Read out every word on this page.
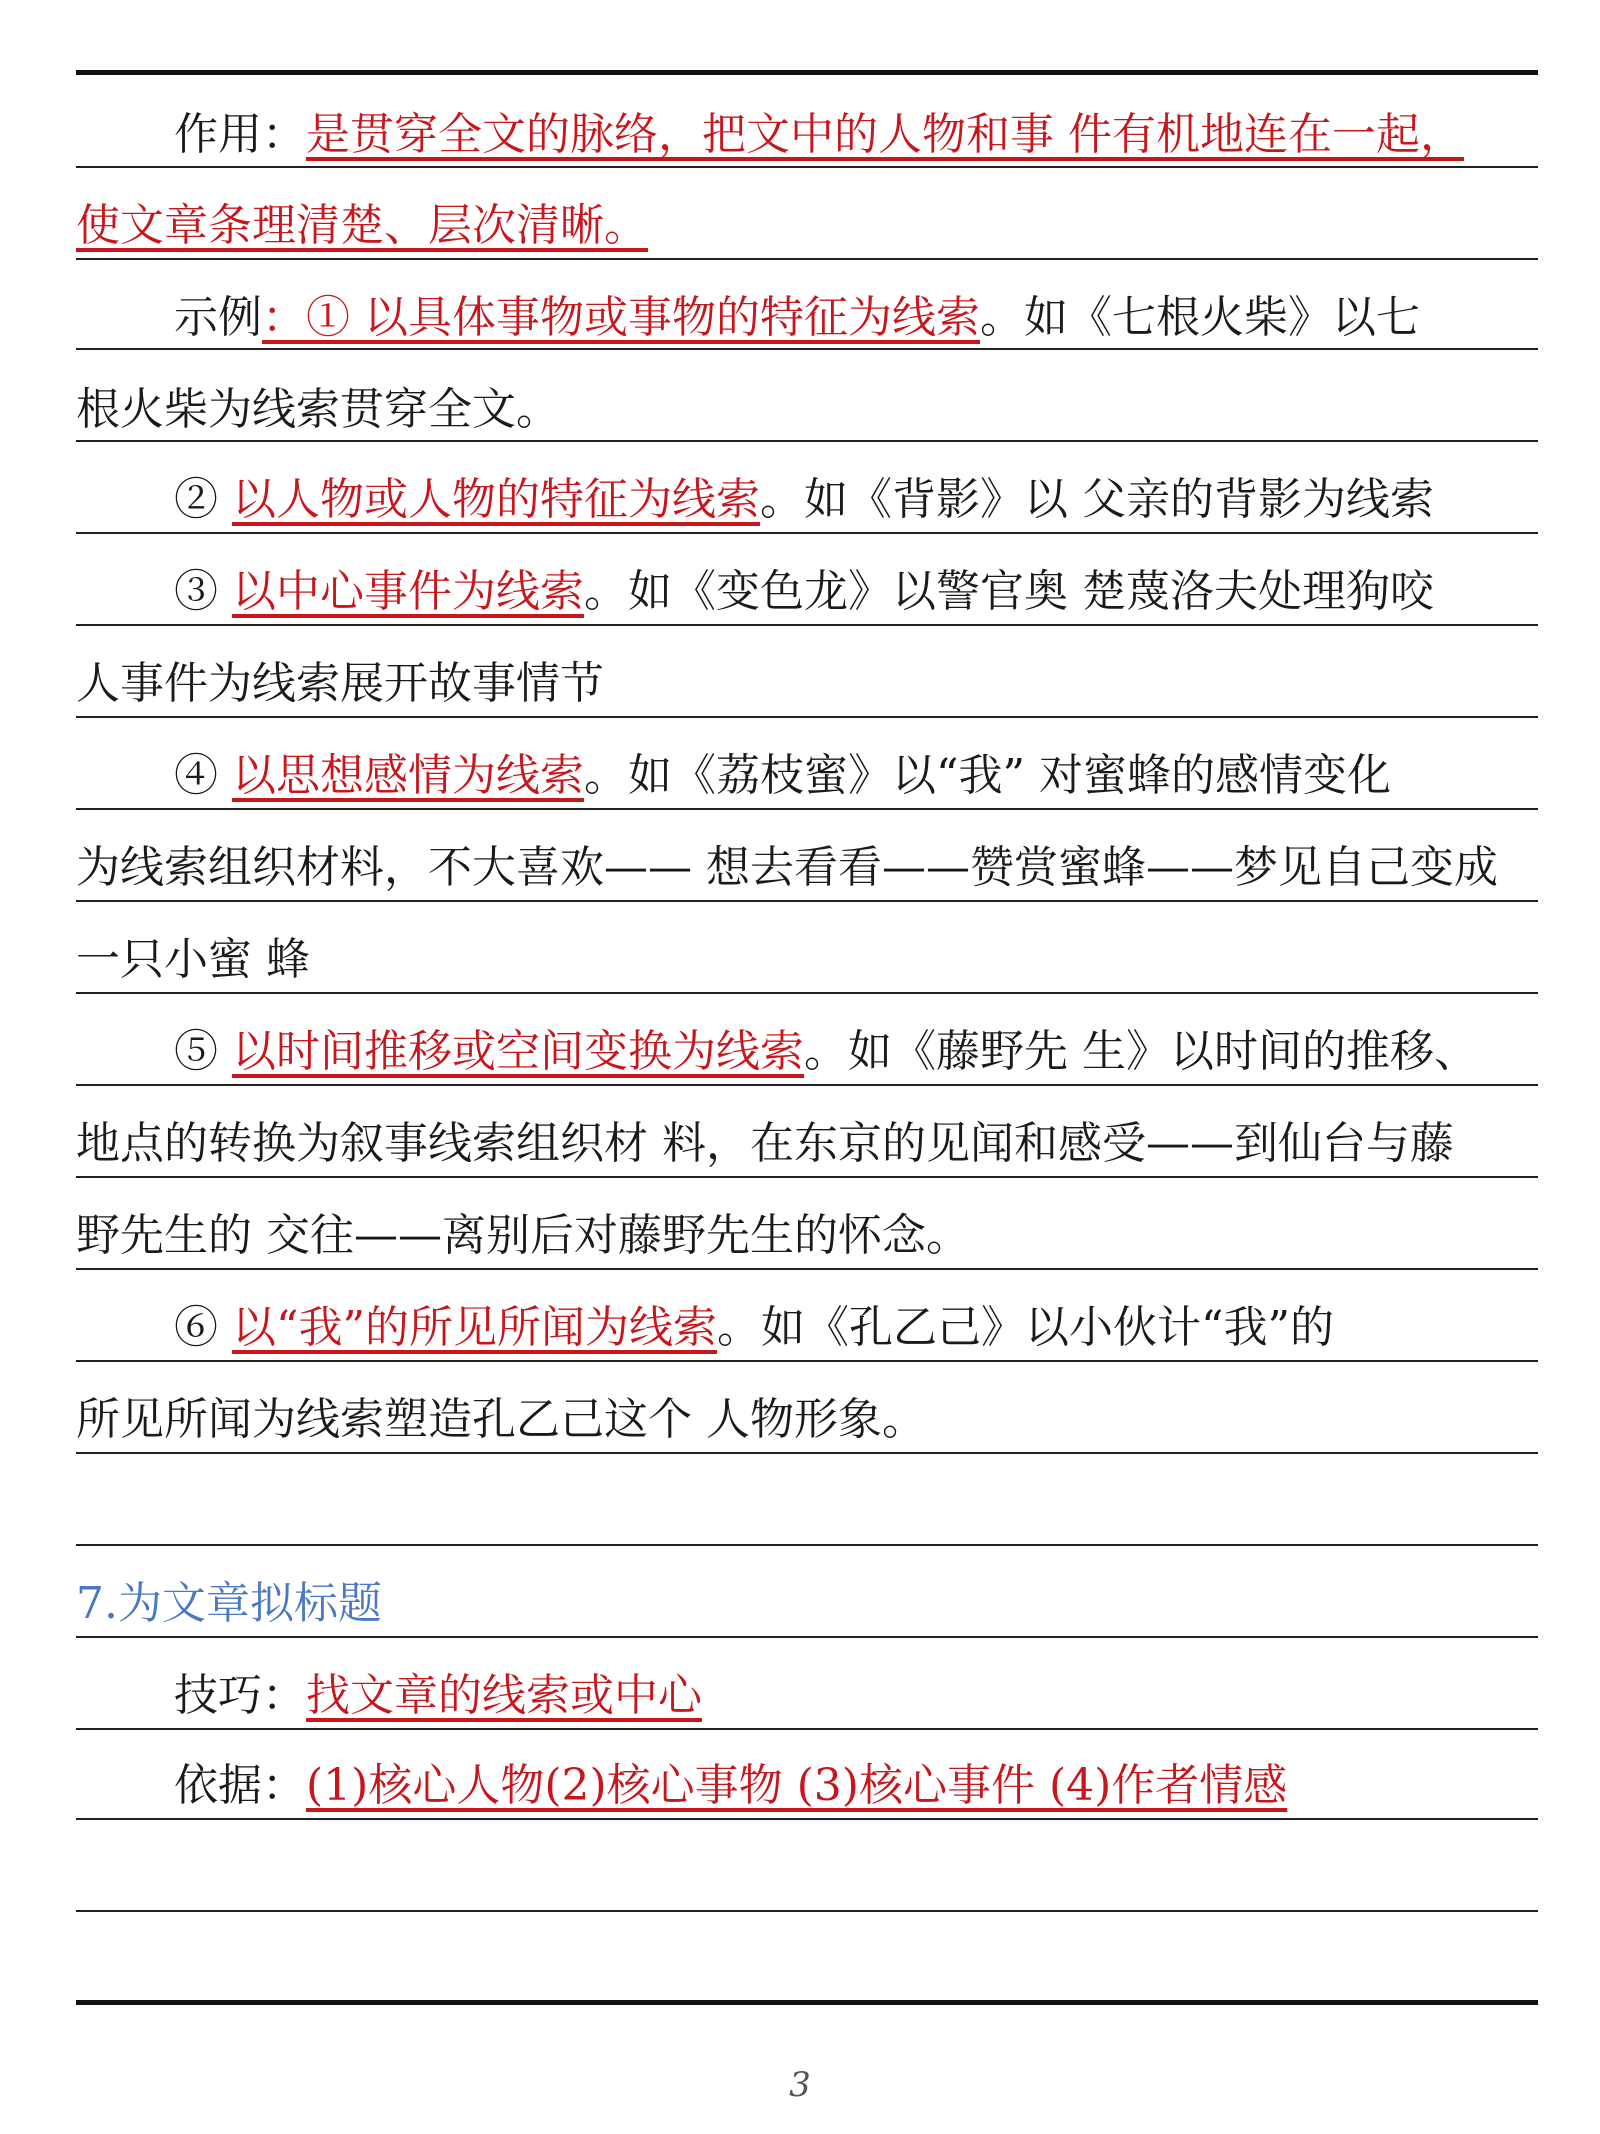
作用：是贯穿全文的脉络，把文中的人物和事 件有机地连在一起，
使文章条理清楚、层次清晰。
示例：① 以具体事物或事物的特征为线索。如《七根火柴》以七
根火柴为线索贯穿全文。
② 以人物或人物的特征为线索。如《背影》以 父亲的背影为线索
③ 以中心事件为线索。如《变色龙》以警官奥 楚蔑洛夫处理狗咬
人事件为线索展开故事情节
④ 以思想感情为线索。如《荔枝蜜》以“我” 对蜜蜂的感情变化
为线索组织材料，不大喜欢—— 想去看看——赞赏蜜蜂——梦见自己变成
一只小蜜 蜂
⑤ 以时间推移或空间变换为线索。如《藤野先 生》以时间的推移、
地点的转换为叙事线索组织材 料，在东京的见闻和感受——到仙台与藤
野先生的 交往——离别后对藤野先生的怀念。
⑥ 以“我”的所见所闻为线索。如《孔乙己》以小伙计“我”的
所见所闻为线索塑造孔乙己这个 人物形象。
7.为文章拟标题
技巧：找文章的线索或中心
依据：(1)核心人物(2)核心事物 (3)核心事件 (4)作者情感
3
